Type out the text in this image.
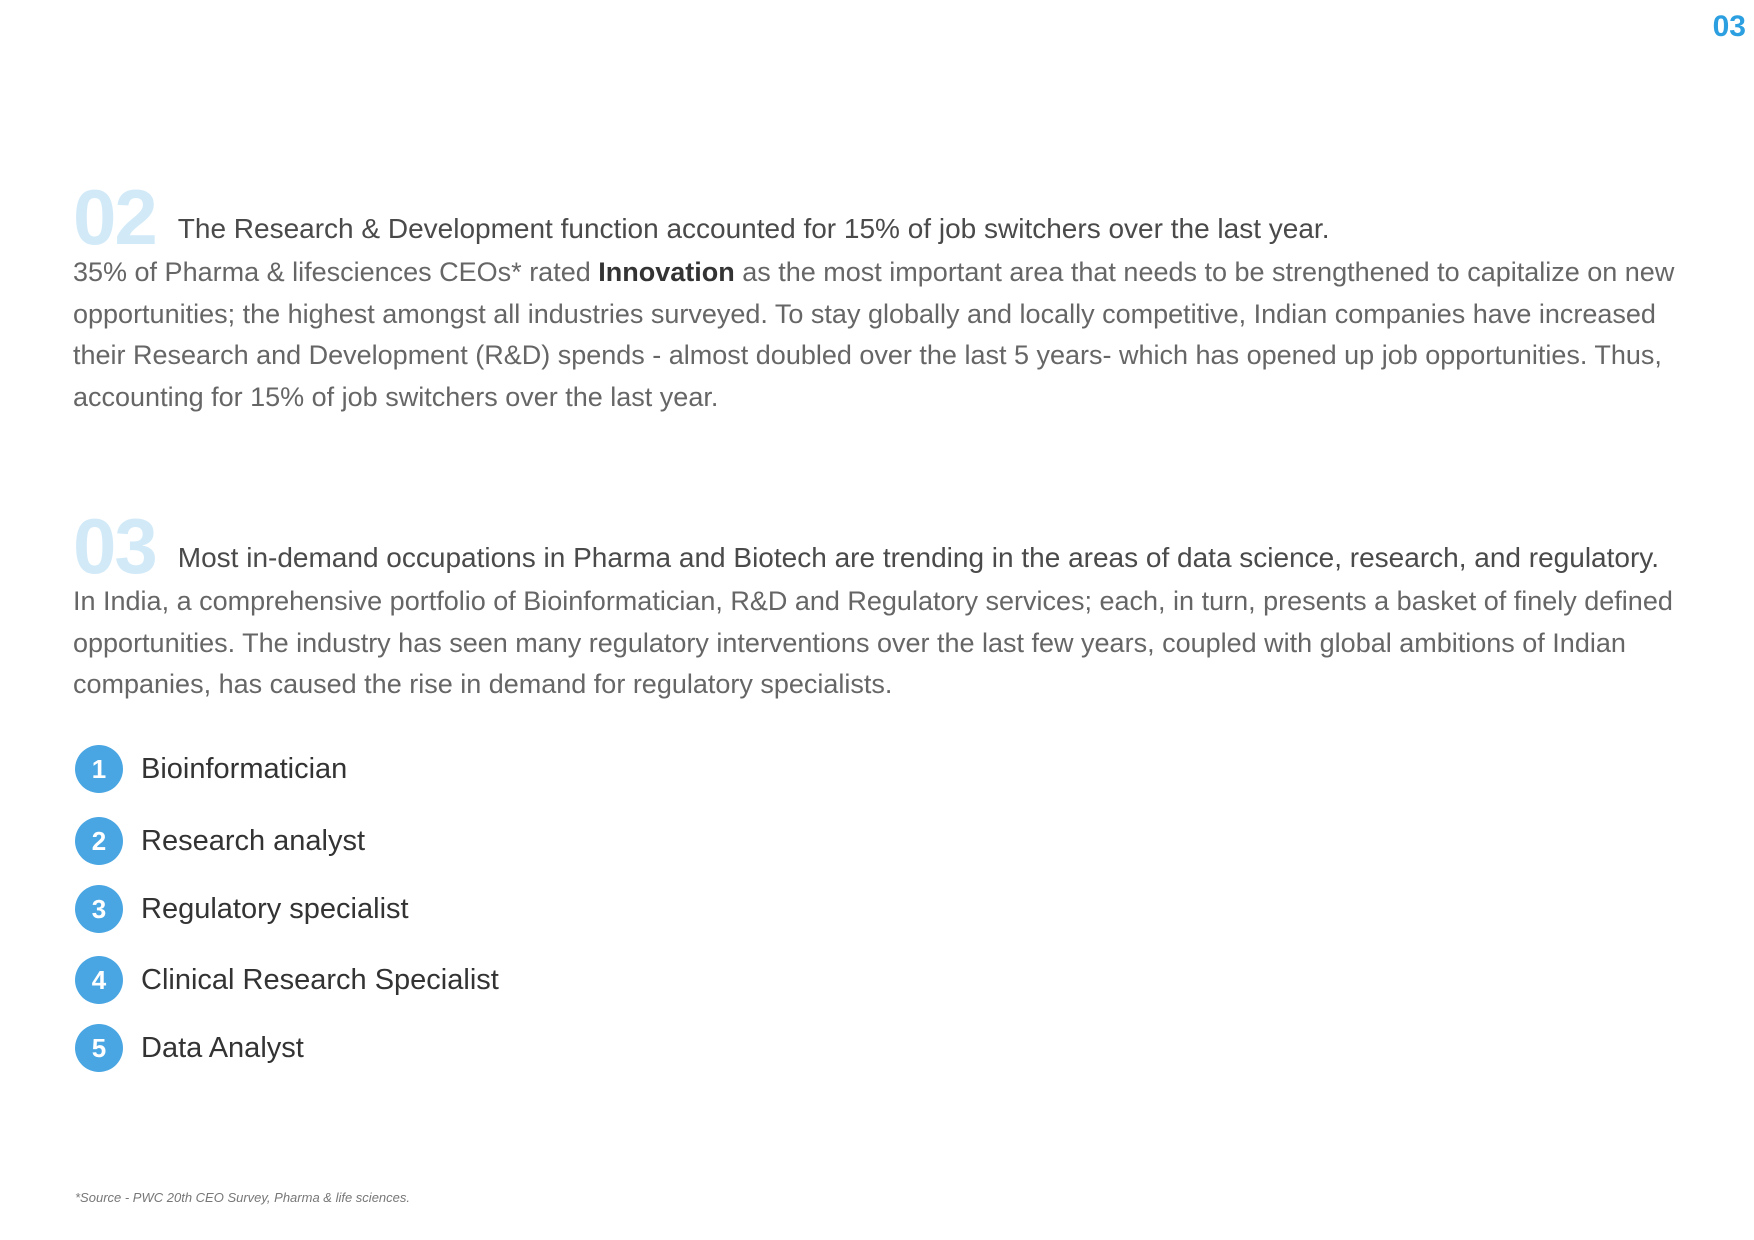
03
02 The Research & Development function accounted for 15% of job switchers over the last year.

35% of Pharma & lifesciences CEOs* rated Innovation as the most important area that needs to be strengthened to capitalize on new opportunities; the highest amongst all industries surveyed. To stay globally and locally competitive, Indian companies have increased their Research and Development (R&D) spends - almost doubled over the last 5 years- which has opened up job opportunities. Thus, accounting for 15% of job switchers over the last year.

03 Most in-demand occupations in Pharma and Biotech are trending in the areas of data science, research, and regulatory.

In India, a comprehensive portfolio of Bioinformatician, R&D and Regulatory services; each, in turn, presents a basket of finely defined opportunities. The industry has seen many regulatory interventions over the last few years, coupled with global ambitions of Indian companies, has caused the rise in demand for regulatory specialists.

1	Bioinformatician
2	Research analyst
3	Regulatory specialist
4	Clinical Research Specialist
5	Data Analyst
*Source - PWC 20th CEO Survey, Pharma & life sciences.
